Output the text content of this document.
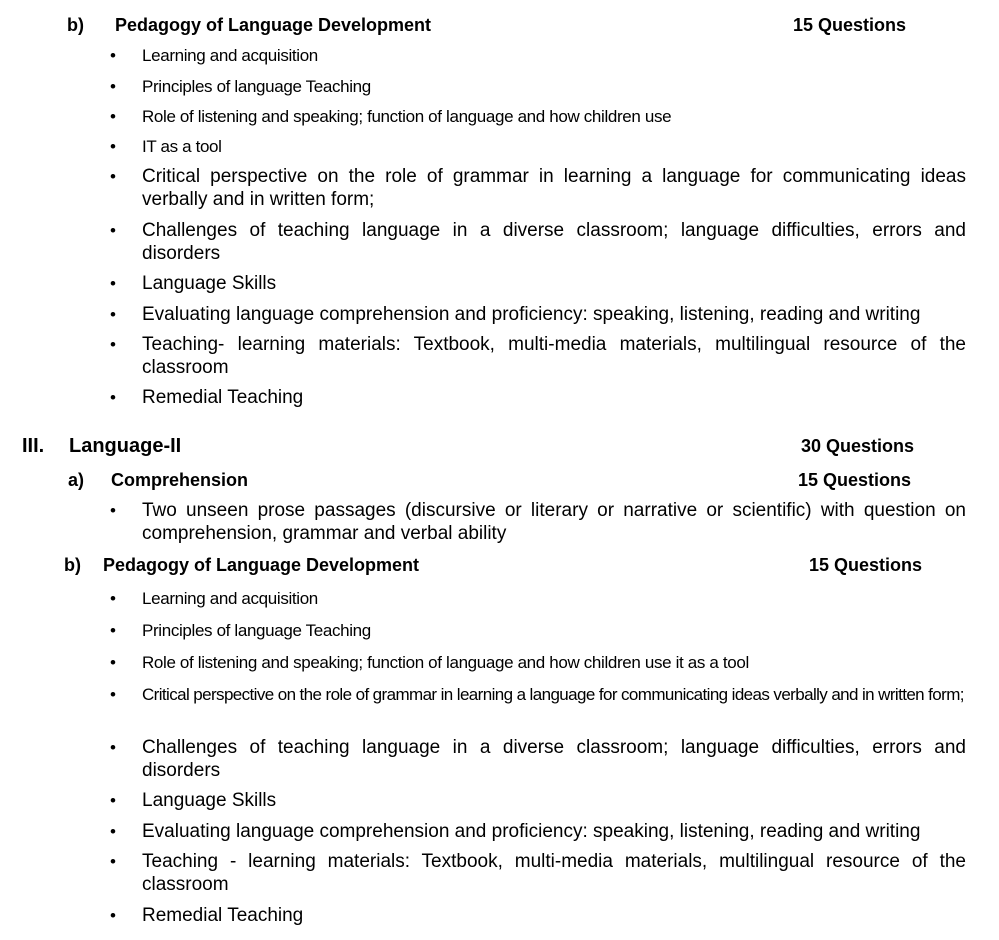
b) Pedagogy of Language Development	15 Questions
• Learning and acquisition
• Principles of language Teaching
• Role of listening and speaking; function of language and how children use
• IT as a tool
• Critical perspective on the role of grammar in learning a language for communicating ideas verbally and in written form;
• Challenges of teaching language in a diverse classroom; language difficulties, errors and disorders
• Language Skills
• Evaluating language comprehension and proficiency: speaking, listening, reading and writing
• Teaching- learning materials: Textbook, multi-media materials, multilingual resource of the classroom
• Remedial Teaching
III. Language-II	30 Questions
a) Comprehension	15 Questions
• Two unseen prose passages (discursive or literary or narrative or scientific) with question on comprehension, grammar and verbal ability
b) Pedagogy of Language Development	15 Questions
• Learning and acquisition
• Principles of language Teaching
• Role of listening and speaking; function of language and how children use it as a tool
• Critical perspective on the role of grammar in learning a language for communicating ideas verbally and in written form;
• Challenges of teaching language in a diverse classroom; language difficulties, errors and disorders
• Language Skills
• Evaluating language comprehension and proficiency: speaking, listening, reading and writing
• Teaching - learning materials: Textbook, multi-media materials, multilingual resource of the classroom
• Remedial Teaching
